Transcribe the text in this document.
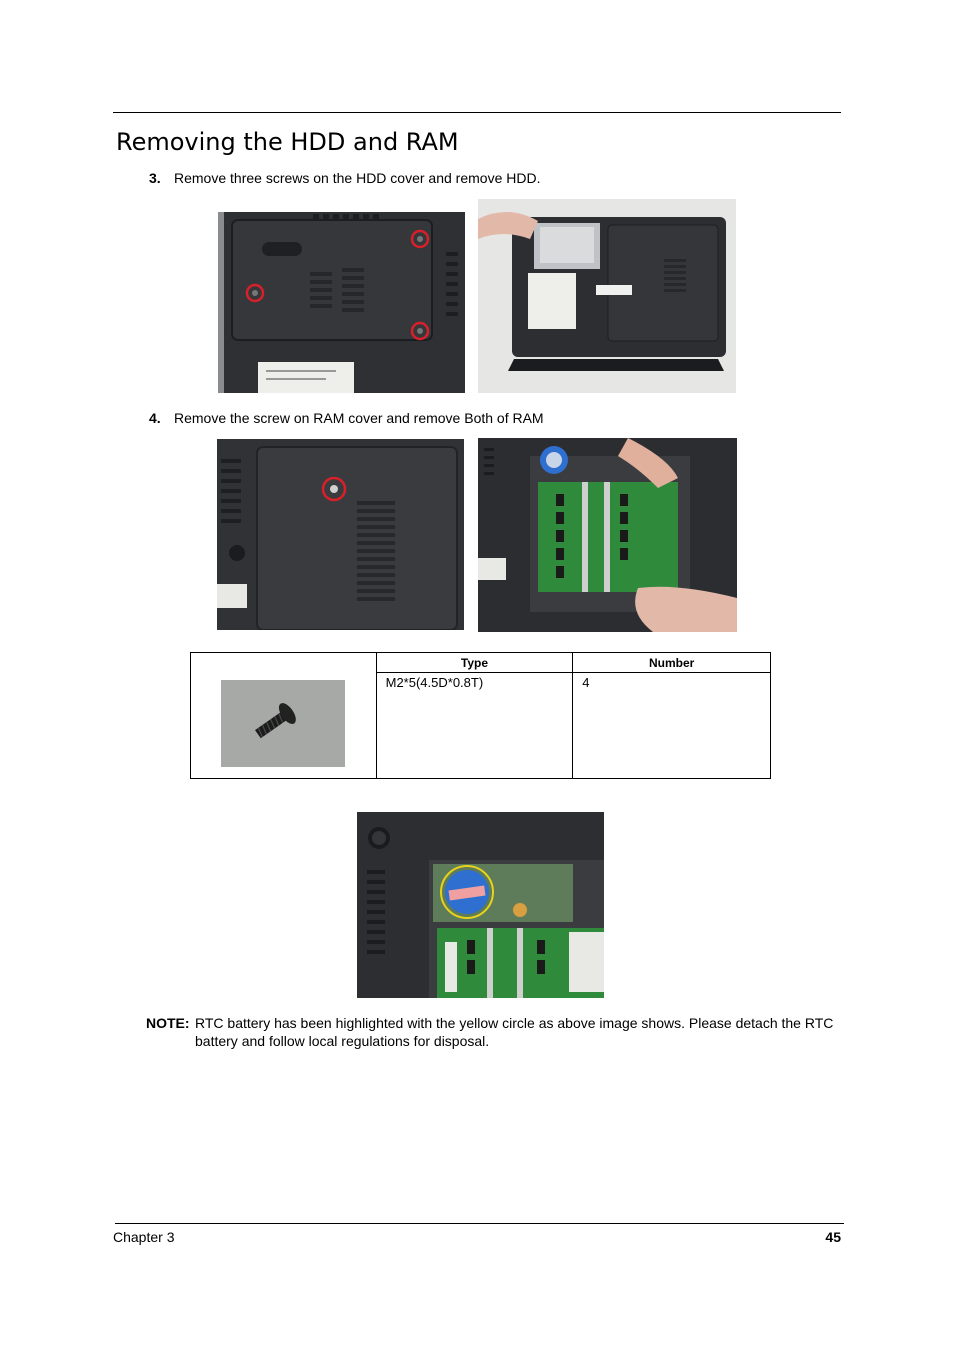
Removing the HDD and RAM
3. Remove three screws on the HDD cover and remove HDD.
4. Remove the screw on RAM cover and remove Both of RAM
	Type	Number
	M2*5(4.5D*0.8T)	4
NOTE: RTC battery has been highlighted with the yellow circle as above image shows. Please detach the RTC battery and follow local regulations for disposal.
Chapter 3	45
